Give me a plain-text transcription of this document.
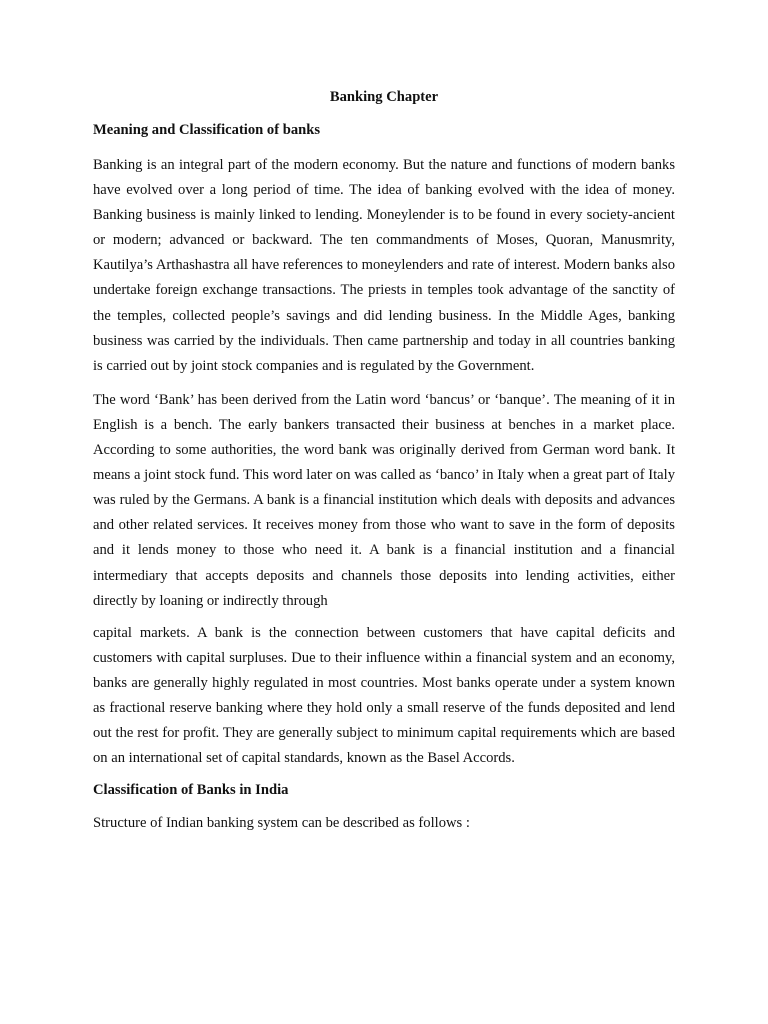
Banking Chapter
Meaning and Classification of banks

Banking is an integral part of the modern economy. But the nature and functions of modern banks have evolved over a long period of time. The idea of banking evolved with the idea of money. Banking business is mainly linked to lending. Moneylender is to be found in every society-ancient or modern; advanced or backward. The ten commandments of Moses, Quoran, Manusmrity, Kautilya’s Arthashastra all have references to moneylenders and rate of interest. Modern banks also undertake foreign exchange transactions. The priests in temples took advantage of the sanctity of the temples, collected people’s savings and did lending business. In the Middle Ages, banking business was carried by the individuals. Then came partnership and today in all countries banking is carried out by joint stock companies and is regulated by the Government.

The word ‘Bank’ has been derived from the Latin word ‘bancus’ or ‘banque’. The meaning of it in English is a bench. The early bankers transacted their business at benches in a market place. According to some authorities, the word bank was originally derived from German word bank. It means a joint stock fund. This word later on was called as ‘banco’ in Italy when a great part of Italy was ruled by the Germans. A bank is a financial institution which deals with deposits and advances and other related services. It receives money from those who want to save in the form of deposits and it lends money to those who need it. A bank is a financial institution and a financial intermediary that accepts deposits and channels those deposits into lending activities, either directly by loaning or indirectly through

capital markets. A bank is the connection between customers that have capital deficits and customers with capital surpluses. Due to their influence within a financial system and an economy, banks are generally highly regulated in most countries. Most banks operate under a system known as fractional reserve banking where they hold only a small reserve of the funds deposited and lend out the rest for profit. They are generally subject to minimum capital requirements which are based on an international set of capital standards, known as the Basel Accords.

Classification of Banks in India

Structure of Indian banking system can be described as follows :
